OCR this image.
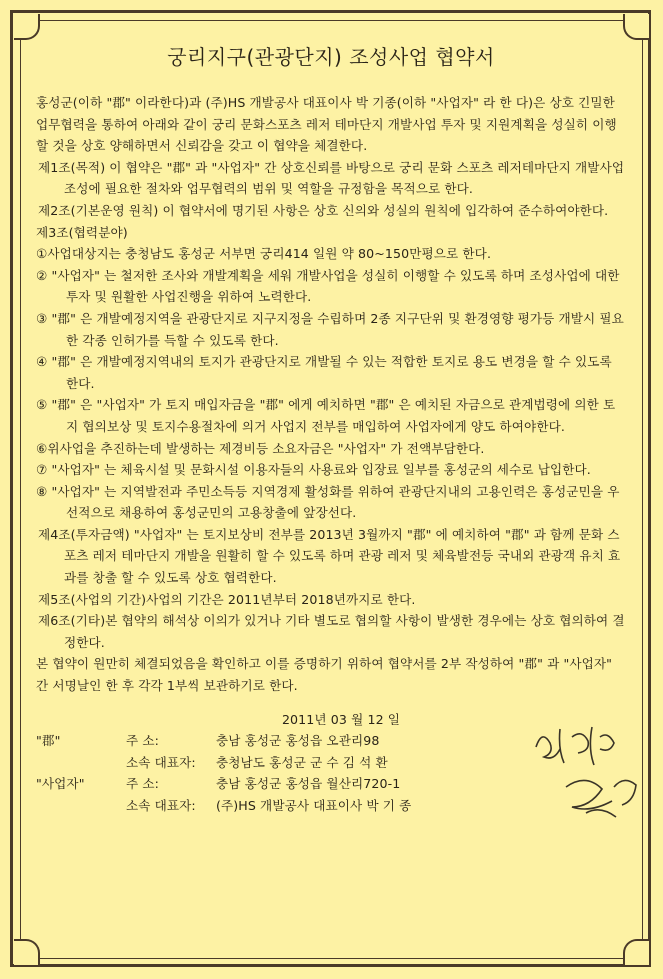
궁리지구(관광단지) 조성사업 협약서

홍성군(이하 "郡" 이라한다)과 (주)HS 개발공사 대표이사 박 기종(이하 "사업자" 라 한 다)은 상호 긴밀한 업무협력을 통하여 아래와 같이 궁리 문화스포츠 레저 테마단지 개발사업 투자 및 지원계획을 성실히 이행할 것을 상호 양해하면서 신뢰감을 갖고 이 협약을 체결한다.

제1조(목적) 이 협약은 "郡" 과 "사업자" 간 상호신뢰를 바탕으로 궁리 문화 스포츠 레저테마단지 개발사업 조성에 필요한 절차와 업무협력의 범위 및 역할을 규정함을 목적으로 한다.

제2조(기본운영 원칙) 이 협약서에 명기된 사항은 상호 신의와 성실의 원칙에 입각하여 준수하여야한다.

제3조(협력분야)

①사업대상지는 충청남도 홍성군 서부면 궁리414 일원 약 80~150만평으로 한다.

② "사업자" 는 철저한 조사와 개발계획을 세워 개발사업을 성실히 이행할 수 있도록 하며 조성사업에 대한 투자 및 원활한 사업진행을 위하여 노력한다.

③ "郡" 은 개발예정지역을 관광단지로 지구지정을 수립하며 2종 지구단위 및 환경영향 평가등 개발시 필요한 각종 인허가를 득할 수 있도록 한다.

④ "郡" 은 개발예정지역내의 토지가 관광단지로 개발될 수 있는 적합한 토지로 용도 변경을 할 수 있도록 한다.

⑤ "郡" 은 "사업자" 가 토지 매입자금을 "郡" 에게 예치하면 "郡" 은 예치된 자금으로 관계법령에 의한 토지 협의보상 및 토지수용절차에 의거 사업지 전부를 매입하여 사업자에게 양도 하여야한다.

⑥위사업을 추진하는데 발생하는 제경비등 소요자금은 "사업자" 가 전액부담한다.

⑦ "사업자" 는 체육시설 및 문화시설 이용자들의 사용료와 입장료 일부를 홍성군의 세수로 납입한다.

⑧ "사업자" 는 지역발전과 주민소득등 지역경제 활성화를 위하여 관광단지내의 고용인력은 홍성군민을 우선적으로 채용하여 홍성군민의 고용창출에 앞장선다.

제4조(투자금액) "사업자" 는 토지보상비 전부를 2013년 3월까지 "郡" 에 예치하여 "郡" 과 함께 문화 스포츠 레저 테마단지 개발을 원활히 할 수 있도록 하며 관광 레저 및 체육발전등 국내외 관광객 유치 효과를 창출 할 수 있도록 상호 협력한다.

제5조(사업의 기간)사업의 기간은 2011년부터 2018년까지로 한다.

제6조(기타)본 협약의 해석상 이의가 있거나 기타 별도로 협의할 사항이 발생한 경우에는 상호 협의하여 결정한다.

본 협약이 원만히 체결되었음을 확인하고 이를 증명하기 위하여 협약서를 2부 작성하여 "郡" 과 "사업자" 간 서명날인 한 후 각각 1부씩 보관하기로 한다.

2011년 03 월 12 일
"郡"	주 소:	충남 홍성군 홍성읍 오관리98
소속 대표자:	충청남도 홍성군 군 수 김 석 환
"사업자"	주 소:	충남 홍성군 홍성읍 월산리720-1
소속 대표자:	(주)HS 개발공사 대표이사 박 기 종
